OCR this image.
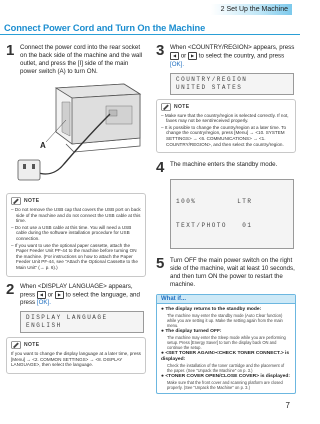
2 Set Up the Machine
Connect Power Cord and Turn On the Machine
1 Connect the power cord into the rear socket on the back side of the machine and the wall outlet, and press the [I] side of the main power switch (A) to turn ON.
A
NOTE
– Do not remove the USB cap that covers the USB port on back side of the machine and do not connect the USB cable at this time.
– Do not use a USB cable at this time. You will need a USB cable during the software installation procedure for USB connection.
– If you want to use the optional paper cassette, attach the Paper Feeder Unit PF-44 to the machine before turning ON the machine. (For instructions on how to attach the Paper Feeder Unit PF-44, see "Attach the Optional Cassette to the Main Unit" (→ p. 6).)
2 When <DISPLAY LANGUAGE> appears, press ◀ or ▶ to select the language, and press [OK].
DISPLAY LANGUAGE
ENGLISH
NOTE
If you want to change the display language at a later time, press [Menu] → <2. COMMON SETTINGS> → <8. DISPLAY LANGUAGE>, then select the language.
3 When <COUNTRY/REGION> appears, press ◀ or ▶ to select the country, and press [OK].
COUNTRY/REGION
UNITED STATES
NOTE
– Make sure that the country/region is selected correctly. If not, faxes may not be sent/received properly.
– It is possible to change the country/region at a later time. To change the country/region, press [Menu] → <10. SYSTEM SETTINGS> → <6. COMMUNICATIONS> → <1. COUNTRY/REGION>, and then select the country/region.
4 The machine enters the standby mode.

100%        LTR

TEXT/PHOTO   01

5 Turn OFF the main power switch on the right side of the machine, wait at least 10 seconds, and then turn ON the power to restart the machine.
What if...
● The display returns to the standby mode:
The machine may enter the standby mode (Auto Clear function) while you are setting it up. Make the setting again from the main menu.
● The display turned OFF:
The machine may enter the Sleep mode while you are performing setup. Press [Energy Saver] to turn the display back ON and continue the setup.
● <SET TONER AGAIN><CHECK TONER CONNECT.> is displayed:
Check the installation of the toner cartridge and the placement of the paper. (See "Unpack the Machine" on p. 3.)
● <TONER COVER OPEN/CLOSE COVER> is displayed:
Make sure that the front cover and scanning platform are closed properly. (See "Unpack the Machine" on p. 3.)
7
